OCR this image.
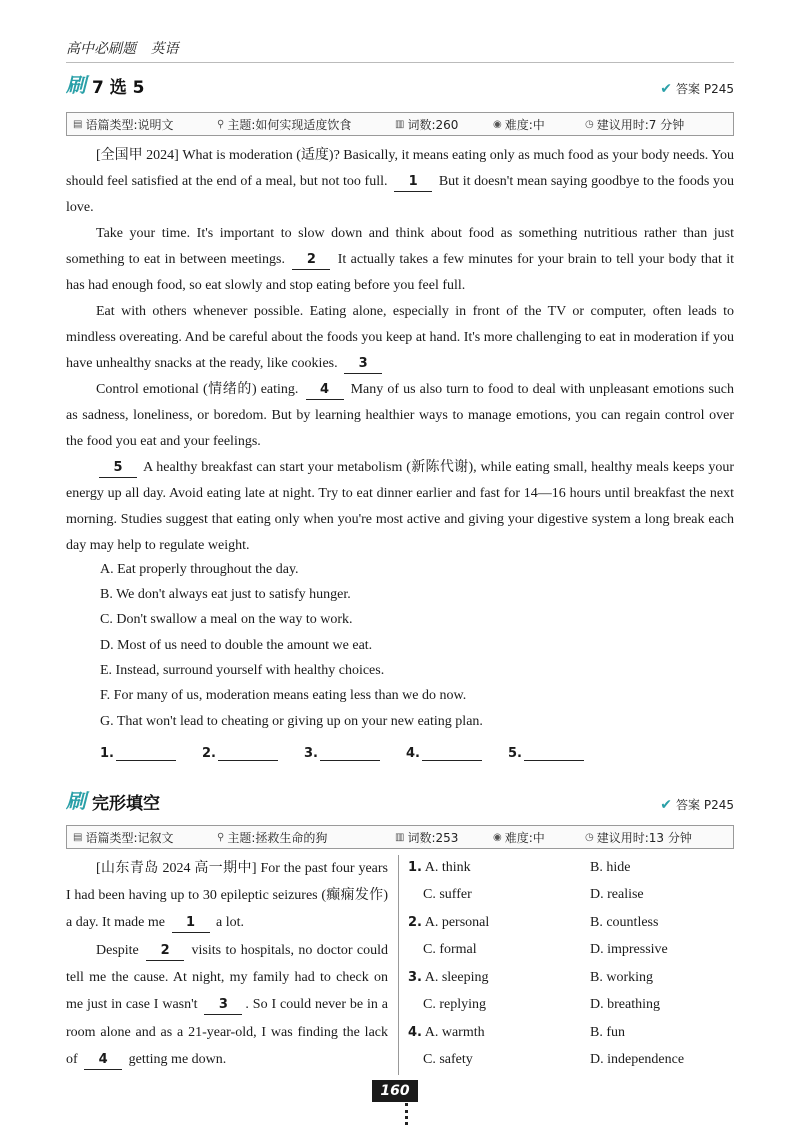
高中必刷题 英语
刷 7 选 5	✔ 答案 P245
▤ 语篇类型:说明文	⚲ 主题:如何实现适度饮食	▥ 词数:260	◉ 难度:中	◷ 建议用时:7 分钟

[全国甲 2024] What is moderation (适度)? Basically, it means eating only as much food as your body needs. You should feel satisfied at the end of a meal, but not too full. 1 But it doesn't mean saying goodbye to the foods you love.

Take your time. It's important to slow down and think about food as something nutritious rather than just something to eat in between meetings. 2 It actually takes a few minutes for your brain to tell your body that it has had enough food, so eat slowly and stop eating before you feel full.

Eat with others whenever possible. Eating alone, especially in front of the TV or computer, often leads to mindless overeating. And be careful about the foods you keep at hand. It's more challenging to eat in moderation if you have unhealthy snacks at the ready, like cookies. 3

Control emotional (情绪的) eating. 4 Many of us also turn to food to deal with unpleasant emotions such as sadness, loneliness, or boredom. But by learning healthier ways to manage emotions, you can regain control over the food you eat and your feelings.

5 A healthy breakfast can start your metabolism (新陈代谢), while eating small, healthy meals keeps your energy up all day. Avoid eating late at night. Try to eat dinner earlier and fast for 14—16 hours until breakfast the next morning. Studies suggest that eating only when you're most active and giving your digestive system a long break each day may help to regulate weight.

A. Eat properly throughout the day.
B. We don't always eat just to satisfy hunger.
C. Don't swallow a meal on the way to work.
D. Most of us need to double the amount we eat.
E. Instead, surround yourself with healthy choices.
F. For many of us, moderation means eating less than we do now.
G. That won't lead to cheating or giving up on your new eating plan.
1.	2.	3.	4.	5.
刷 完形填空	✔ 答案 P245
▤ 语篇类型:记叙文	⚲ 主题:拯救生命的狗	▥ 词数:253	◉ 难度:中	◷ 建议用时:13 分钟

[山东青岛 2024 高一期中] For the past four years I had been having up to 30 epileptic seizures (癫痫发作) a day. It made me 1 a lot.

Despite 2 visits to hospitals, no doctor could tell me the cause. At night, my family had to check on me just in case I wasn't 3 . So I could never be in a room alone and as a 21-year-old, I was finding the lack of 4 getting me down.

1. A. think	B. hide
C. suffer	D. realise
2. A. personal	B. countless
C. formal	D. impressive
3. A. sleeping	B. working
C. replying	D. breathing
4. A. warmth	B. fun
C. safety	D. independence
160
